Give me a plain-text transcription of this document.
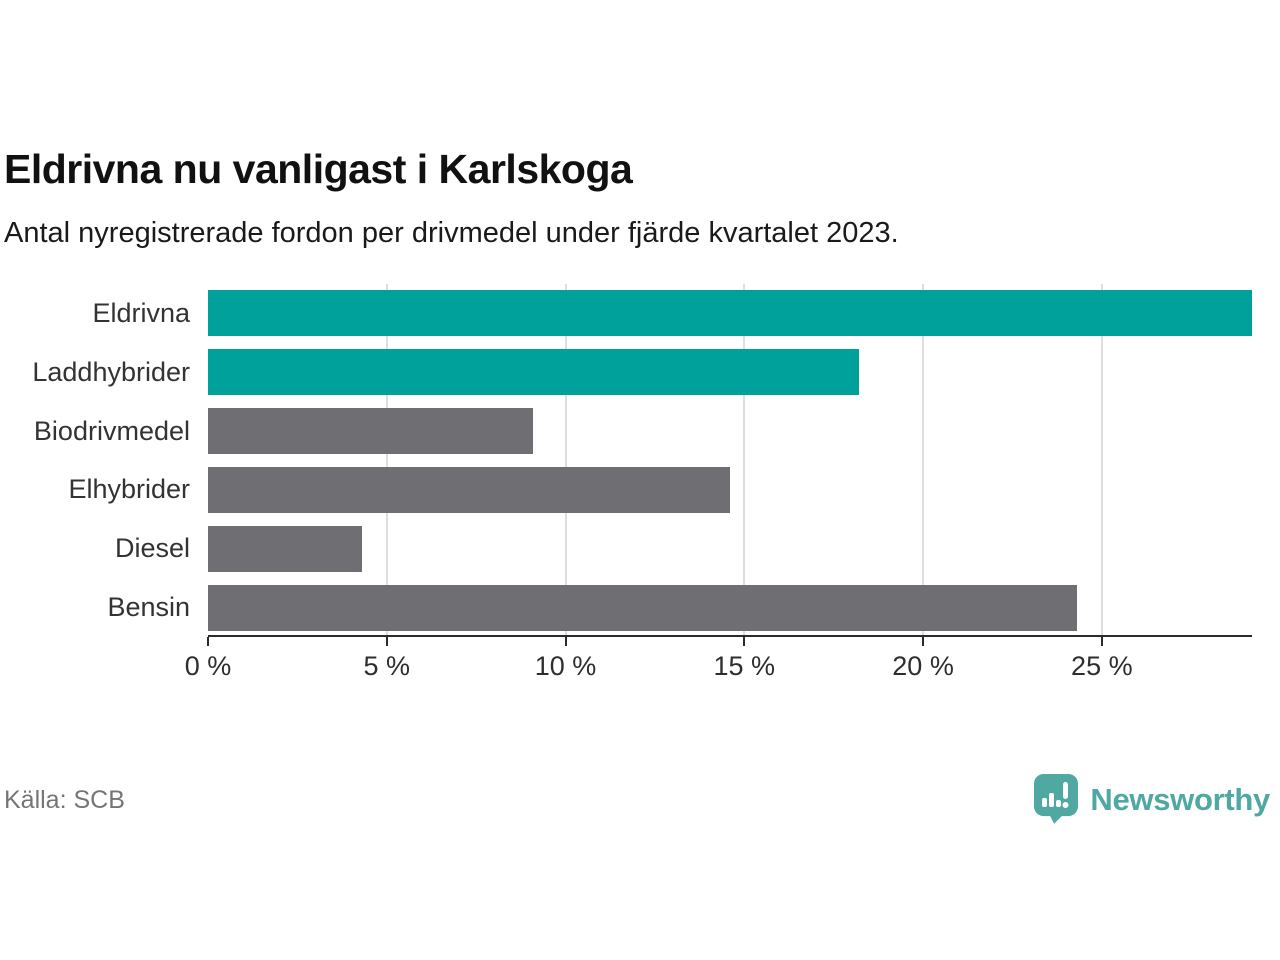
Eldrivna nu vanligast i Karlskoga

Antal nyregistrerade fordon per drivmedel under fjärde kvartalet 2023.

Eldrivna
Laddhybrider
Biodrivmedel
Elhybrider
Diesel
Bensin
0 %	5 %	10 %	15 %	20 %	25 %
Källa: SCB	Newsworthy
